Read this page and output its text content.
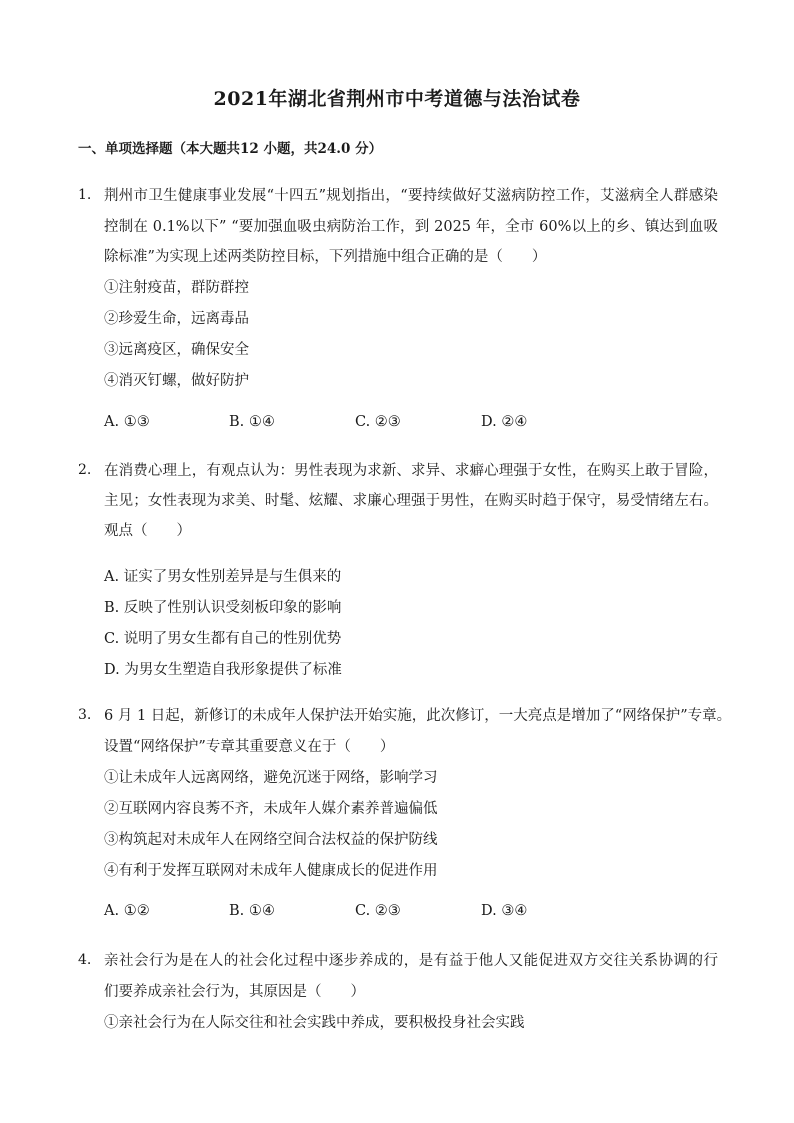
2021年湖北省荆州市中考道德与法治试卷
一、单项选择题（本大题共12 小题，共24.0 分）
1. 荆州市卫生健康事业发展“十四五”规划指出，“要持续做好艾滋病防控工作，艾滋病全人群感染
控制在 0.1%以下” “要加强血吸虫病防治工作，到 2025 年，全市 60%以上的乡、镇达到血吸
除标准”为实现上述两类防控目标，下列措施中组合正确的是（　　）
①注射疫苗，群防群控
②珍爱生命，远离毒品
③远离疫区，确保安全
④消灭钉螺，做好防护
A. ①③	B. ①④	C. ②③	D. ②④
2. 在消费心理上，有观点认为：男性表现为求新、求异、求癖心理强于女性，在购买上敢于冒险，
主见；女性表现为求美、时髦、炫耀、求廉心理强于男性，在购买时趋于保守，易受情绪左右。
观点（　　）
A. 证实了男女性别差异是与生俱来的
B. 反映了性别认识受刻板印象的影响
C. 说明了男女生都有自己的性别优势
D. 为男女生塑造自我形象提供了标准
3. 6 月 1 日起，新修订的未成年人保护法开始实施，此次修订，一大亮点是增加了“网络保护”专章。
设置“网络保护”专章其重要意义在于（　　）
①让未成年人远离网络，避免沉迷于网络，影响学习
②互联网内容良莠不齐，未成年人媒介素养普遍偏低
③构筑起对未成年人在网络空间合法权益的保护防线
④有利于发挥互联网对未成年人健康成长的促进作用
A. ①②	B. ①④	C. ②③	D. ③④
4. 亲社会行为是在人的社会化过程中逐步养成的，是有益于他人又能促进双方交往关系协调的行
们要养成亲社会行为，其原因是（　　）
①亲社会行为在人际交往和社会实践中养成，要积极投身社会实践
